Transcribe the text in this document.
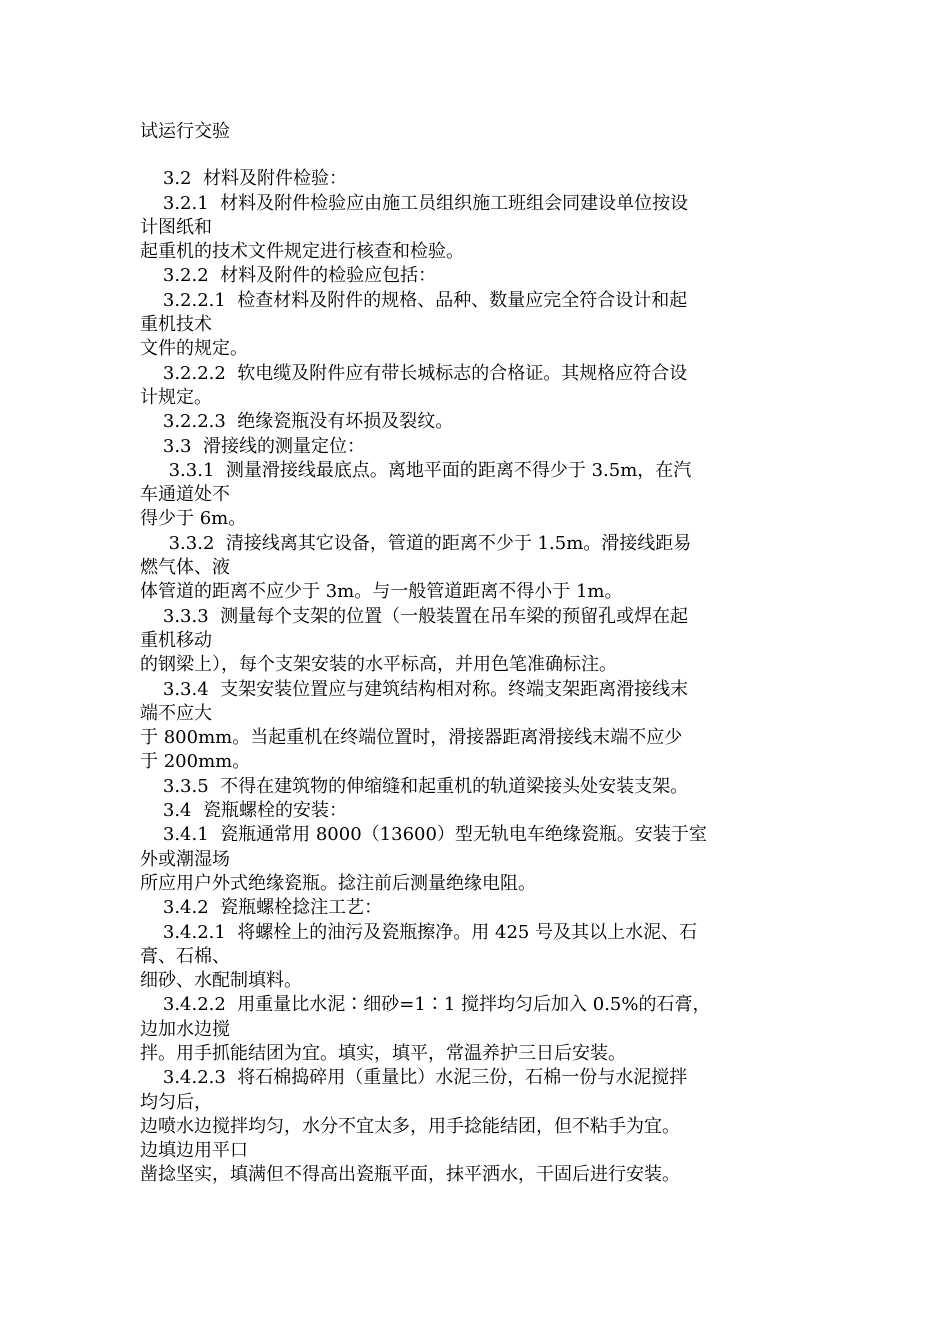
试运行交验
3.2  材料及附件检验：
3.2.1  材料及附件检验应由施工员组织施工班组会同建设单位按设
计图纸和
起重机的技术文件规定进行核查和检验。
3.2.2  材料及附件的检验应包括：
3.2.2.1  检查材料及附件的规格、品种、数量应完全符合设计和起
重机技术
文件的规定。
3.2.2.2  软电缆及附件应有带长城标志的合格证。其规格应符合设
计规定。
3.2.2.3  绝缘瓷瓶没有坏损及裂纹。
3.3  滑接线的测量定位：
3.3.1  测量滑接线最底点。离地平面的距离不得少于 3.5m，在汽
车通道处不
得少于 6m。
3.3.2  清接线离其它设备，管道的距离不少于 1.5m。滑接线距易
燃气体、液
体管道的距离不应少于 3m。与一般管道距离不得小于 1m。
3.3.3  测量每个支架的位置（一般装置在吊车梁的预留孔或焊在起
重机移动
的钢梁上），每个支架安装的水平标高，并用色笔准确标注。
3.3.4  支架安装位置应与建筑结构相对称。终端支架距离滑接线末
端不应大
于 800mm。当起重机在终端位置时，滑接器距离滑接线末端不应少
于 200mm。
3.3.5  不得在建筑物的伸缩缝和起重机的轨道梁接头处安装支架。
3.4  瓷瓶螺栓的安装：
3.4.1  瓷瓶通常用 8000（13600）型无轨电车绝缘瓷瓶。安装于室
外或潮湿场
所应用户外式绝缘瓷瓶。捻注前后测量绝缘电阻。
3.4.2  瓷瓶螺栓捻注工艺：
3.4.2.1  将螺栓上的油污及瓷瓶擦净。用 425 号及其以上水泥、石
膏、石棉、
细砂、水配制填料。
3.4.2.2  用重量比水泥∶细砂=1∶1 搅拌均匀后加入 0.5%的石膏，
边加水边搅
拌。用手抓能结团为宜。填实，填平，常温养护三日后安装。
3.4.2.3  将石棉捣碎用（重量比）水泥三份，石棉一份与水泥搅拌
均匀后，
边喷水边搅拌均匀，水分不宜太多，用手捻能结团，但不粘手为宜。
边填边用平口
凿捻坚实，填满但不得高出瓷瓶平面，抹平洒水，干固后进行安装。
